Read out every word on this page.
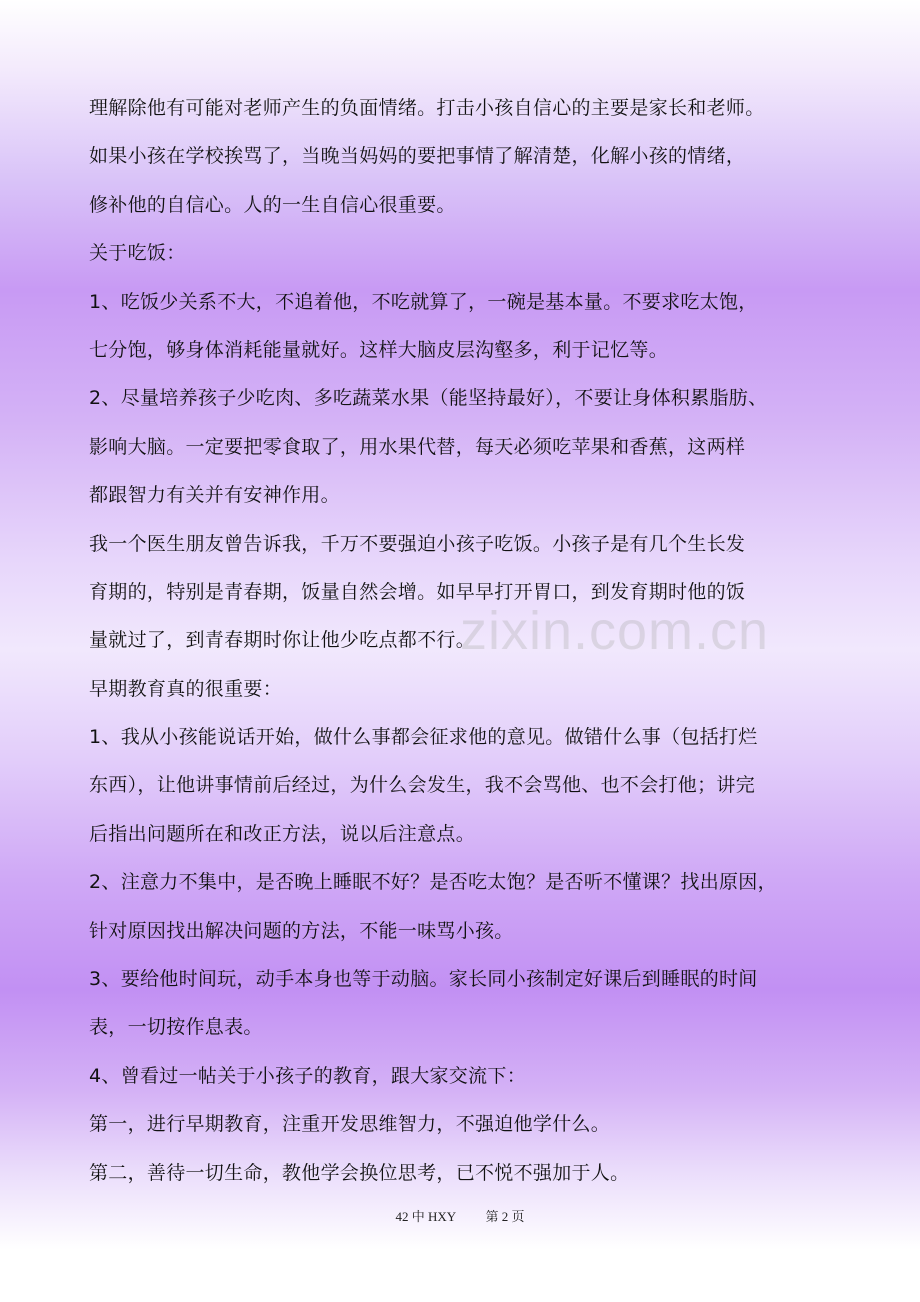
zixin.com.cn
理解除他有可能对老师产生的负面情绪。打击小孩自信心的主要是家长和老师。
如果小孩在学校挨骂了，当晚当妈妈的要把事情了解清楚，化解小孩的情绪，
修补他的自信心。人的一生自信心很重要。
关于吃饭：
1、吃饭少关系不大，不追着他，不吃就算了，一碗是基本量。不要求吃太饱，
七分饱，够身体消耗能量就好。这样大脑皮层沟壑多，利于记忆等。
2、尽量培养孩子少吃肉、多吃蔬菜水果（能坚持最好），不要让身体积累脂肪、
影响大脑。一定要把零食取了，用水果代替，每天必须吃苹果和香蕉，这两样
都跟智力有关并有安神作用。
我一个医生朋友曾告诉我，千万不要强迫小孩子吃饭。小孩子是有几个生长发
育期的，特别是青春期，饭量自然会增。如早早打开胃口，到发育期时他的饭
量就过了，到青春期时你让他少吃点都不行。
早期教育真的很重要：
1、我从小孩能说话开始，做什么事都会征求他的意见。做错什么事（包括打烂
东西），让他讲事情前后经过，为什么会发生，我不会骂他、也不会打他；讲完
后指出问题所在和改正方法，说以后注意点。
2、注意力不集中，是否晚上睡眠不好？是否吃太饱？是否听不懂课？找出原因，
针对原因找出解决问题的方法，不能一味骂小孩。
3、要给他时间玩，动手本身也等于动脑。家长同小孩制定好课后到睡眠的时间
表，一切按作息表。
4、曾看过一帖关于小孩子的教育，跟大家交流下：
第一，进行早期教育，注重开发思维智力，不强迫他学什么。
第二，善待一切生命，教他学会换位思考，已不悦不强加于人。
42 中 HXY 第 2 页
